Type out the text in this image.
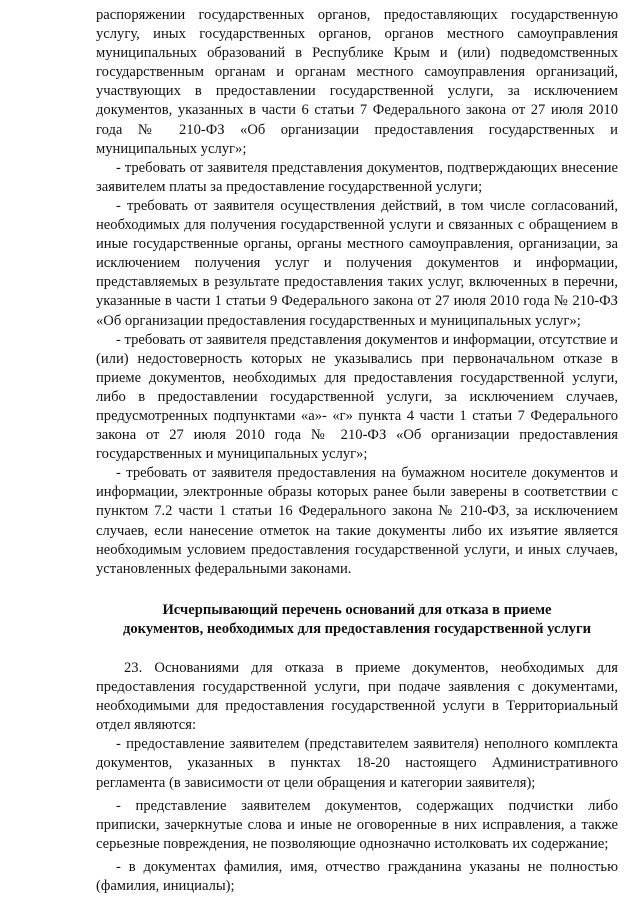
распоряжении государственных органов, предоставляющих государственную услугу, иных государственных органов, органов местного самоуправления муниципальных образований в Республике Крым и (или) подведомственных государственным органам и органам местного самоуправления организаций, участвующих в предоставлении государственной услуги, за исключением документов, указанных в части 6 статьи 7 Федерального закона от 27 июля 2010 года № 210-ФЗ «Об организации предоставления государственных и муниципальных услуг»;

- требовать от заявителя представления документов, подтверждающих внесение заявителем платы за предоставление государственной услуги;

- требовать от заявителя осуществления действий, в том числе согласований, необходимых для получения государственной услуги и связанных с обращением в иные государственные органы, органы местного самоуправления, организации, за исключением получения услуг и получения документов и информации, представляемых в результате предоставления таких услуг, включенных в перечни, указанные в части 1 статьи 9 Федерального закона от 27 июля 2010 года № 210-ФЗ «Об организации предоставления государственных и муниципальных услуг»;

- требовать от заявителя представления документов и информации, отсутствие и (или) недостоверность которых не указывались при первоначальном отказе в приеме документов, необходимых для предоставления государственной услуги, либо в предоставлении государственной услуги, за исключением случаев, предусмотренных подпунктами «а»- «г» пункта 4 части 1 статьи 7 Федерального закона от 27 июля 2010 года № 210-ФЗ «Об организации предоставления государственных и муниципальных услуг»;

- требовать от заявителя предоставления на бумажном носителе документов и информации, электронные образы которых ранее были заверены в соответствии с пунктом 7.2 части 1 статьи 16 Федерального закона № 210-ФЗ, за исключением случаев, если нанесение отметок на такие документы либо их изъятие является необходимым условием предоставления государственной услуги, и иных случаев, установленных федеральными законами.

Исчерпывающий перечень оснований для отказа в приеме
документов, необходимых для предоставления государственной услуги

23. Основаниями для отказа в приеме документов, необходимых для предоставления государственной услуги, при подаче заявления с документами, необходимыми для предоставления государственной услуги в Территориальный отдел являются:

- предоставление заявителем (представителем заявителя) неполного комплекта документов, указанных в пунктах 18-20 настоящего Административного регламента (в зависимости от цели обращения и категории заявителя);

- представление заявителем документов, содержащих подчистки либо приписки, зачеркнутые слова и иные не оговоренные в них исправления, а также серьезные повреждения, не позволяющие однозначно истолковать их содержание;

- в документах фамилия, имя, отчество гражданина указаны не полностью (фамилия, инициалы);
